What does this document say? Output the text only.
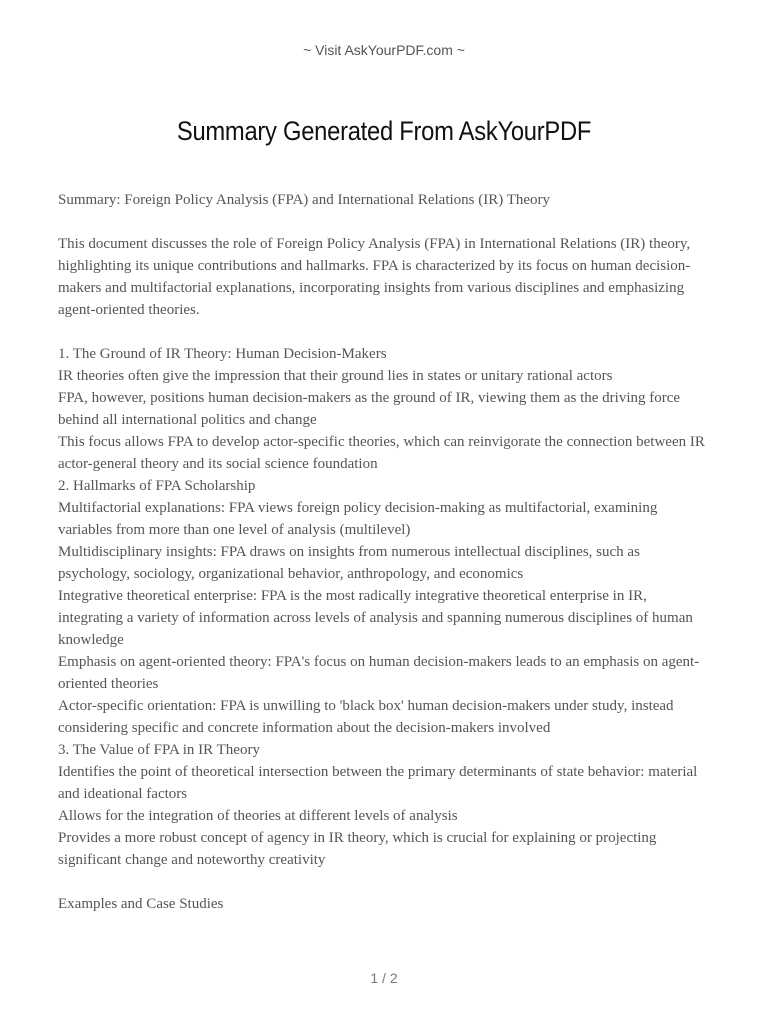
~ Visit AskYourPDF.com ~
Summary Generated From AskYourPDF

Summary: Foreign Policy Analysis (FPA) and International Relations (IR) Theory

This document discusses the role of Foreign Policy Analysis (FPA) in International Relations (IR) theory, highlighting its unique contributions and hallmarks. FPA is characterized by its focus on human decision-makers and multifactorial explanations, incorporating insights from various disciplines and emphasizing agent-oriented theories.

1. The Ground of IR Theory: Human Decision-Makers

IR theories often give the impression that their ground lies in states or unitary rational actors

FPA, however, positions human decision-makers as the ground of IR, viewing them as the driving force behind all international politics and change

This focus allows FPA to develop actor-specific theories, which can reinvigorate the connection between IR actor-general theory and its social science foundation

2. Hallmarks of FPA Scholarship

Multifactorial explanations: FPA views foreign policy decision-making as multifactorial, examining variables from more than one level of analysis (multilevel)

Multidisciplinary insights: FPA draws on insights from numerous intellectual disciplines, such as psychology, sociology, organizational behavior, anthropology, and economics

Integrative theoretical enterprise: FPA is the most radically integrative theoretical enterprise in IR, integrating a variety of information across levels of analysis and spanning numerous disciplines of human knowledge

Emphasis on agent-oriented theory: FPA's focus on human decision-makers leads to an emphasis on agent-oriented theories

Actor-specific orientation: FPA is unwilling to 'black box' human decision-makers under study, instead considering specific and concrete information about the decision-makers involved

3. The Value of FPA in IR Theory

Identifies the point of theoretical intersection between the primary determinants of state behavior: material and ideational factors

Allows for the integration of theories at different levels of analysis

Provides a more robust concept of agency in IR theory, which is crucial for explaining or projecting significant change and noteworthy creativity

Examples and Case Studies

1 / 2
